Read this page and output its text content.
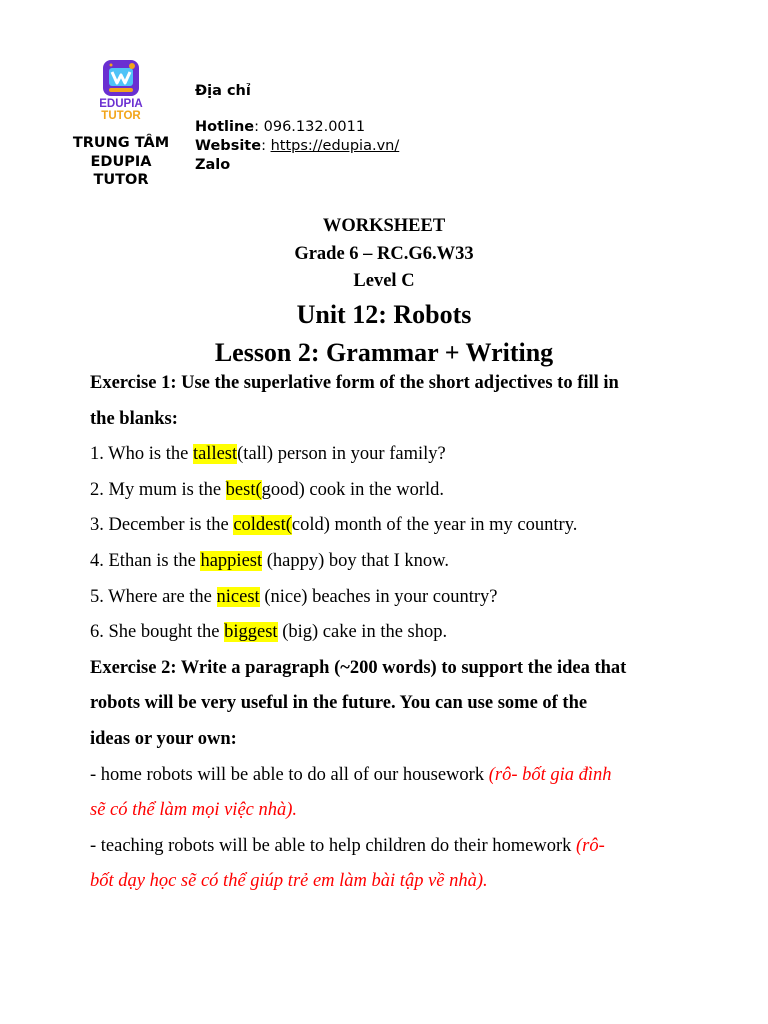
EDUPIA
TUTOR
TRUNG TÂM
EDUPIA
TUTOR
Địa chỉ
Hotline: 096.132.0011
Website: https://edupia.vn/
Zalo
WORKSHEET
Grade 6 – RC.G6.W33
Level C
Unit 12: Robots
Lesson 2: Grammar + Writing

Exercise 1: Use the superlative form of the short adjectives to fill in

the blanks:

1. Who is the tallest(tall) person in your family?

2. My mum is the best(good) cook in the world.

3. December is the coldest(cold) month of the year in my country.

4. Ethan is the happiest (happy) boy that I know.

5. Where are the nicest (nice) beaches in your country?

6. She bought the biggest (big) cake in the shop.

Exercise 2: Write a paragraph (~200 words) to support the idea that

robots will be very useful in the future. You can use some of the

ideas or your own:

- home robots will be able to do all of our housework (rô- bốt gia đình

sẽ có thể làm mọi việc nhà).

- teaching robots will be able to help children do their homework (rô-

bốt dạy học sẽ có thể giúp trẻ em làm bài tập về nhà).
